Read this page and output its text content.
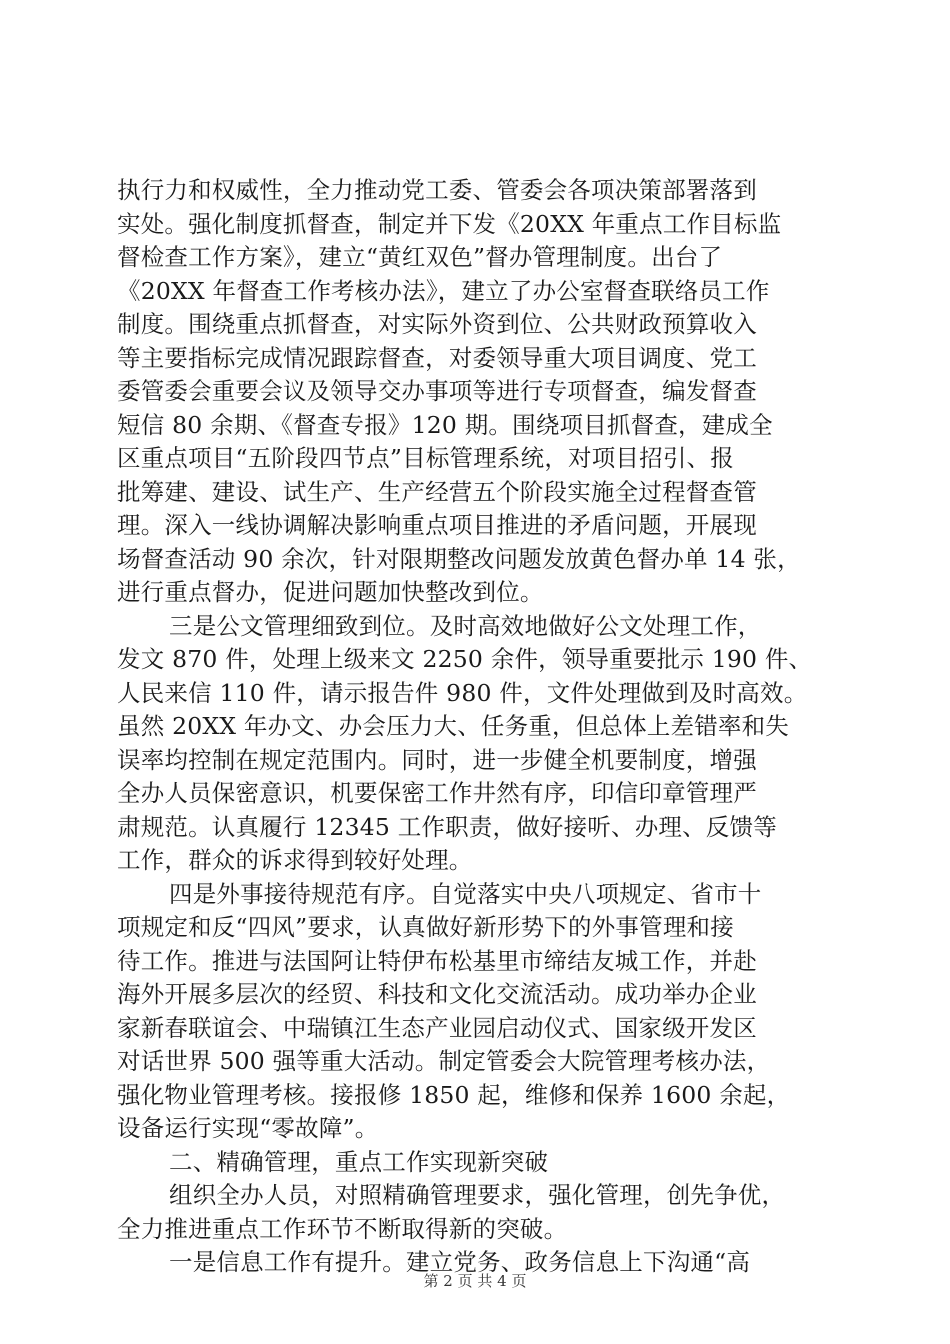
执行力和权威性，全力推动党工委、管委会各项决策部署落到
实处。强化制度抓督查，制定并下发《20XX 年重点工作目标监
督检查工作方案》，建立“黄红双色”督办管理制度。出台了
《20XX 年督查工作考核办法》，建立了办公室督查联络员工作
制度。围绕重点抓督查，对实际外资到位、公共财政预算收入
等主要指标完成情况跟踪督查，对委领导重大项目调度、党工
委管委会重要会议及领导交办事项等进行专项督查，编发督查
短信 80 余期、《督查专报》120 期。围绕项目抓督查，建成全
区重点项目“五阶段四节点”目标管理系统，对项目招引、报
批筹建、建设、试生产、生产经营五个阶段实施全过程督查管
理。深入一线协调解决影响重点项目推进的矛盾问题，开展现
场督查活动 90 余次，针对限期整改问题发放黄色督办单 14 张，
进行重点督办，促进问题加快整改到位。
三是公文管理细致到位。及时高效地做好公文处理工作，
发文 870 件，处理上级来文 2250 余件，领导重要批示 190 件、
人民来信 110 件，请示报告件 980 件，文件处理做到及时高效。
虽然 20XX 年办文、办会压力大、任务重，但总体上差错率和失
误率均控制在规定范围内。同时，进一步健全机要制度，增强
全办人员保密意识，机要保密工作井然有序，印信印章管理严
肃规范。认真履行 12345 工作职责，做好接听、办理、反馈等
工作，群众的诉求得到较好处理。
四是外事接待规范有序。自觉落实中央八项规定、省市十
项规定和反“四风”要求，认真做好新形势下的外事管理和接
待工作。推进与法国阿让特伊布松基里市缔结友城工作，并赴
海外开展多层次的经贸、科技和文化交流活动。成功举办企业
家新春联谊会、中瑞镇江生态产业园启动仪式、国家级开发区
对话世界 500 强等重大活动。制定管委会大院管理考核办法，
强化物业管理考核。接报修 1850 起，维修和保养 1600 余起，
设备运行实现“零故障”。
二、精确管理，重点工作实现新突破
组织全办人员，对照精确管理要求，强化管理，创先争优，
全力推进重点工作环节不断取得新的突破。
一是信息工作有提升。建立党务、政务信息上下沟通“高
第 2 页 共 4 页
